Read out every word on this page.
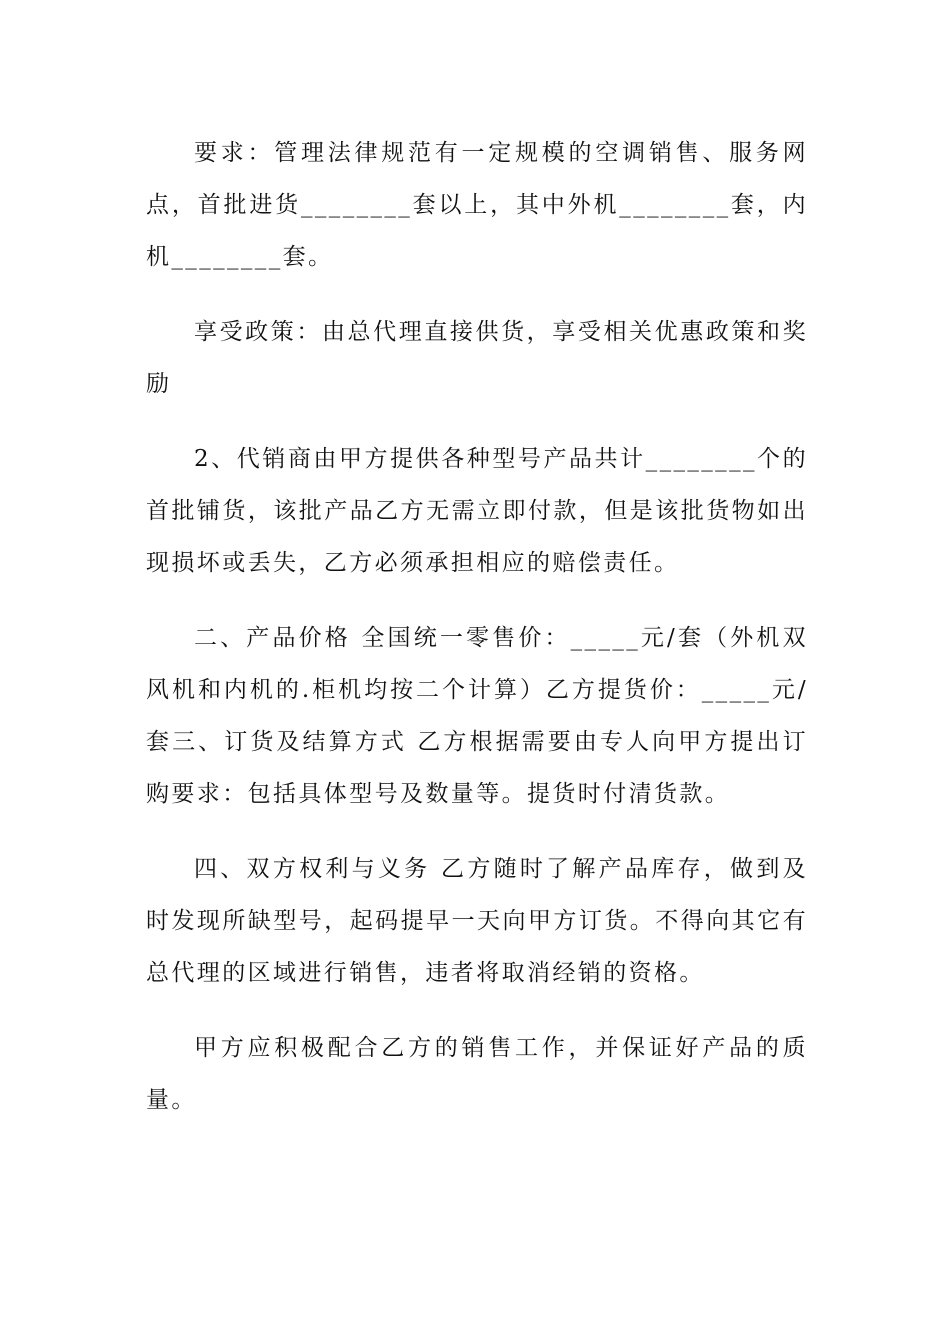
要求：管理法律规范有一定规模的空调销售、服务网点，首批进货________套以上，其中外机________套，内机________套。

享受政策：由总代理直接供货，享受相关优惠政策和奖励

2、代销商由甲方提供各种型号产品共计________个的首批铺货，该批产品乙方无需立即付款，但是该批货物如出现损坏或丢失，乙方必须承担相应的赔偿责任。

二、产品价格 全国统一零售价：_____元/套（外机双风机和内机的.柜机均按二个计算）乙方提货价：_____元/套三、订货及结算方式 乙方根据需要由专人向甲方提出订购要求：包括具体型号及数量等。提货时付清货款。

四、双方权利与义务 乙方随时了解产品库存，做到及时发现所缺型号，起码提早一天向甲方订货。不得向其它有总代理的区域进行销售，违者将取消经销的资格。

甲方应积极配合乙方的销售工作，并保证好产品的质量。
